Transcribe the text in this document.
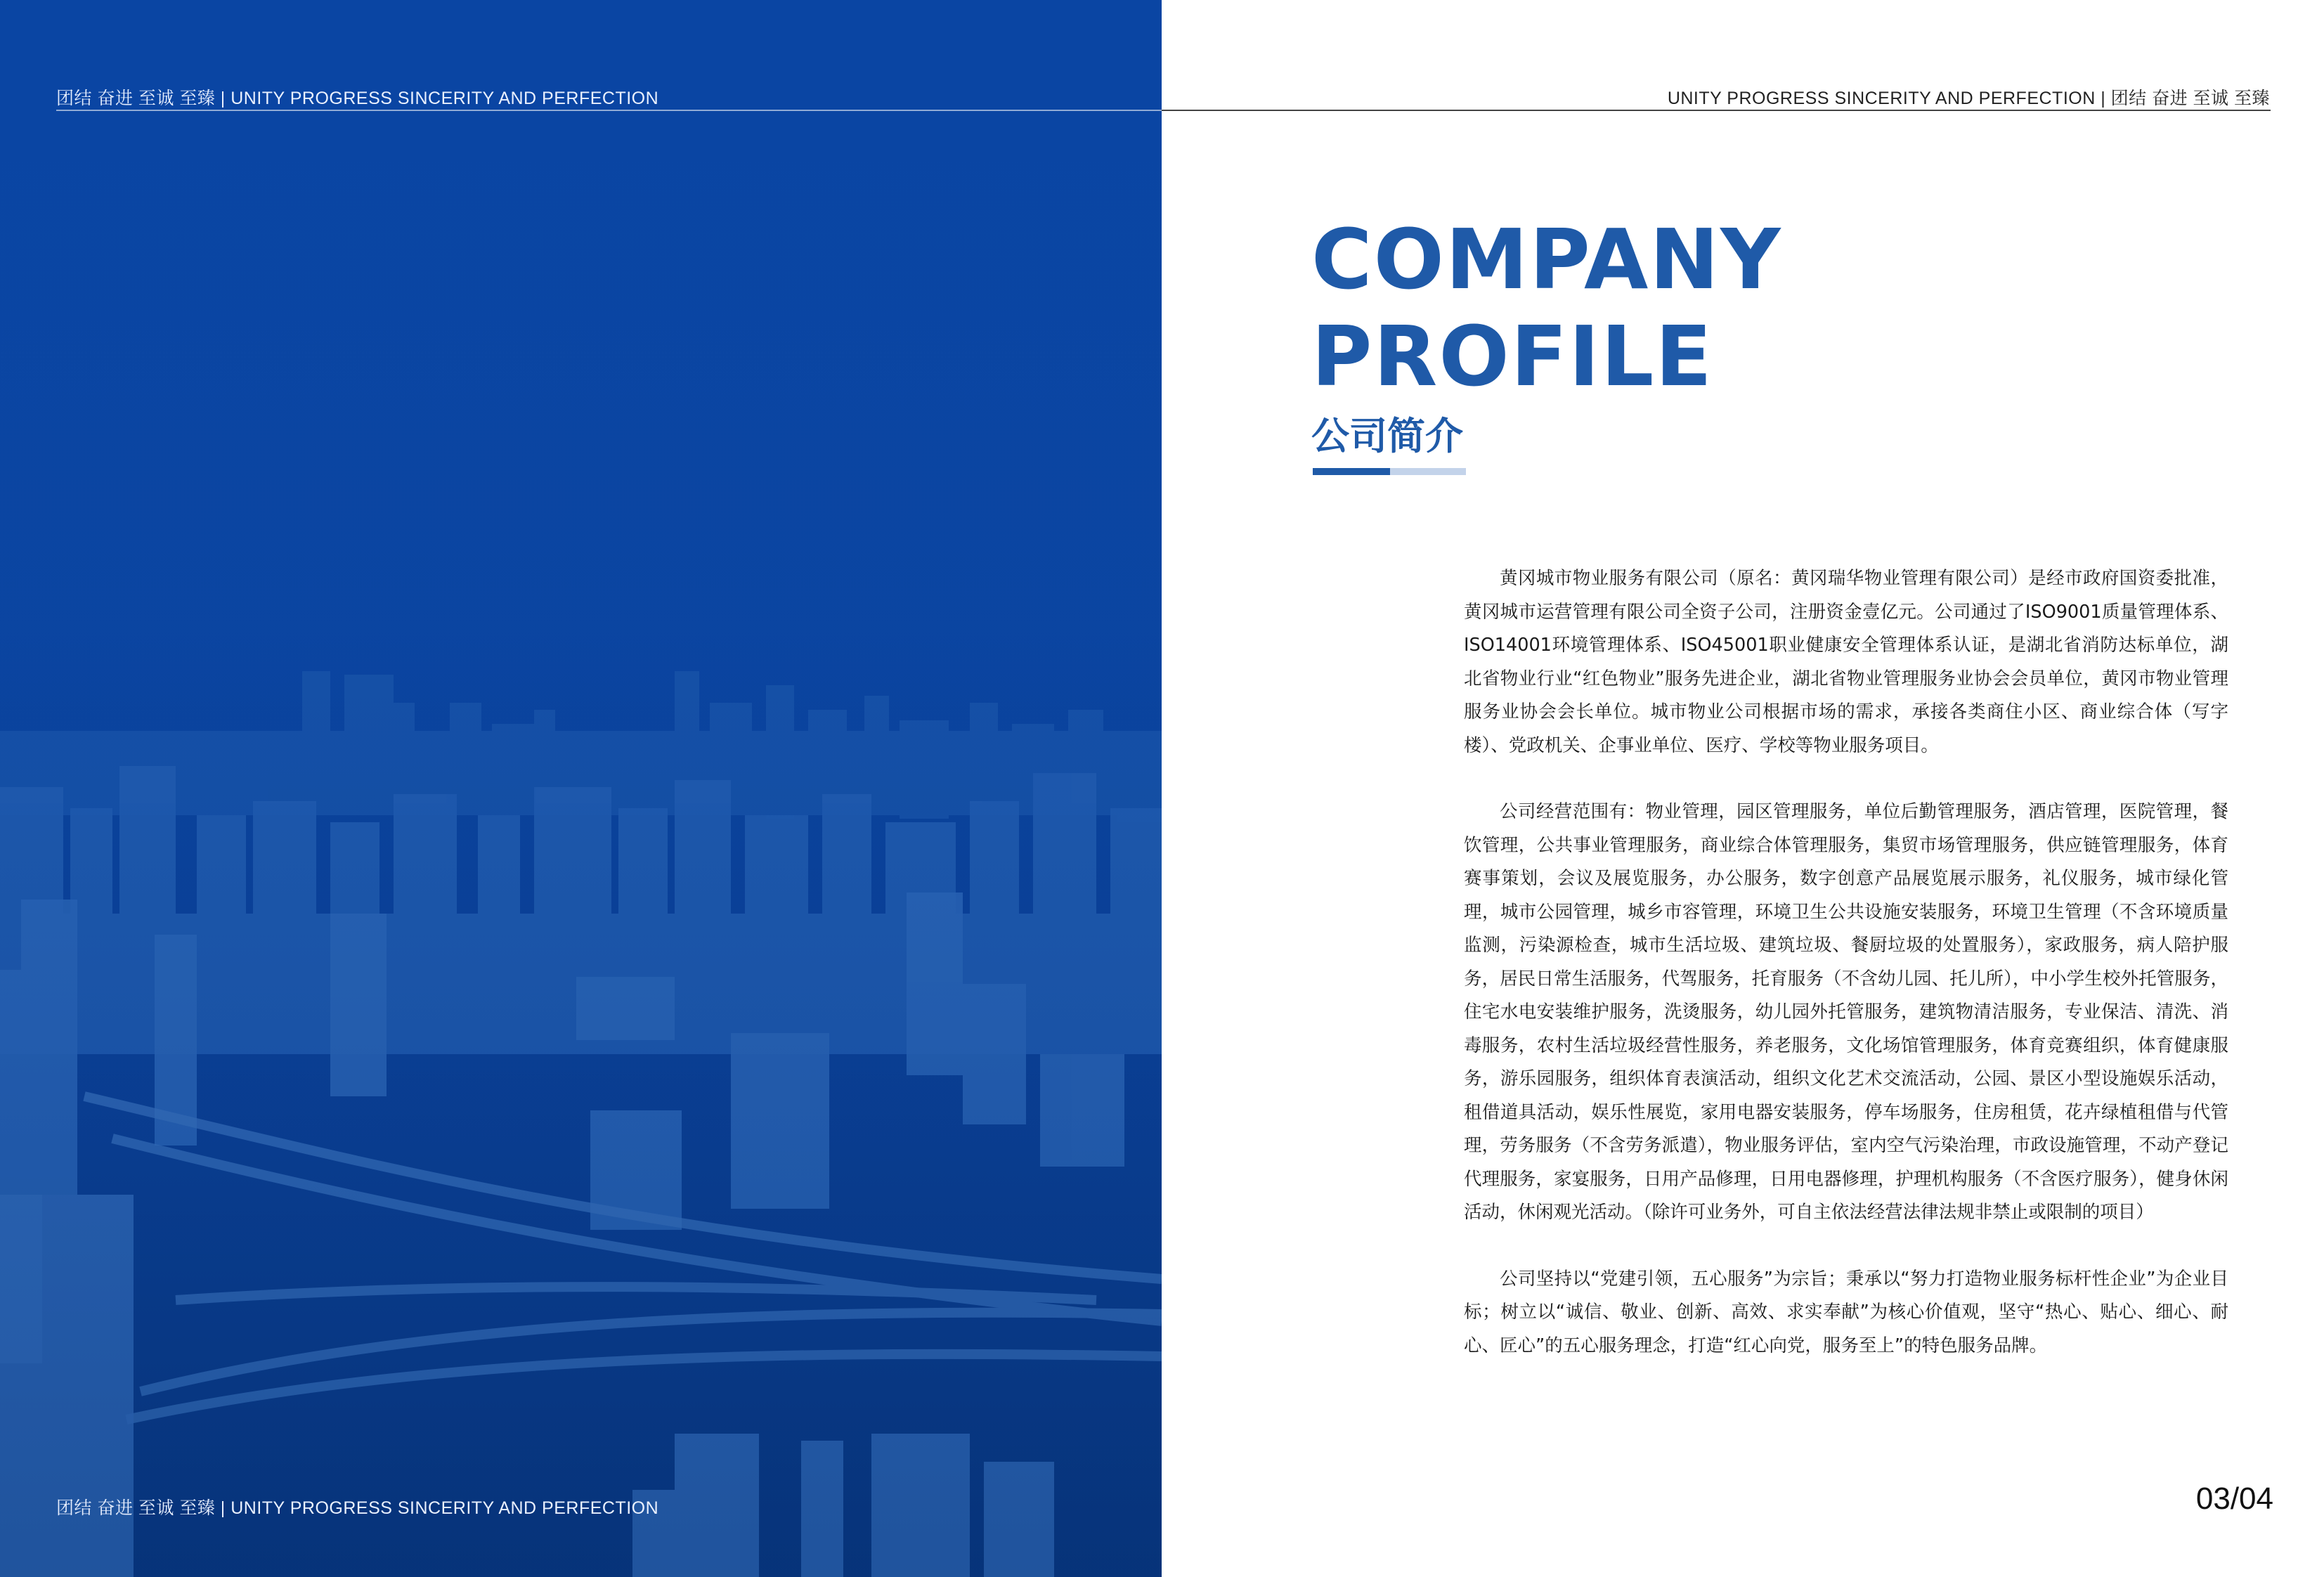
团结 奋进 至诚 至臻 | UNITY PROGRESS SINCERITY AND PERFECTION
团结 奋进 至诚 至臻 | UNITY PROGRESS SINCERITY AND PERFECTION
UNITY PROGRESS SINCERITY AND PERFECTION | 团结 奋进 至诚 至臻
COMPANY
PROFILE
公司简介

黄冈城市物业服务有限公司（原名：黄冈瑞华物业管理有限公司）是经市政府国资委批准，黄冈城市运营管理有限公司全资子公司，注册资金壹亿元。公司通过了ISO9001质量管理体系、ISO14001环境管理体系、ISO45001职业健康安全管理体系认证，是湖北省消防达标单位，湖北省物业行业“红色物业”服务先进企业，湖北省物业管理服务业协会会员单位，黄冈市物业管理服务业协会会长单位。城市物业公司根据市场的需求，承接各类商住小区、商业综合体（写字楼）、党政机关、企事业单位、医疗、学校等物业服务项目。

公司经营范围有：物业管理，园区管理服务，单位后勤管理服务，酒店管理，医院管理，餐饮管理，公共事业管理服务，商业综合体管理服务，集贸市场管理服务，供应链管理服务，体育赛事策划，会议及展览服务，办公服务，数字创意产品展览展示服务，礼仪服务，城市绿化管理，城市公园管理，城乡市容管理，环境卫生公共设施安装服务，环境卫生管理（不含环境质量监测，污染源检查，城市生活垃圾、建筑垃圾、餐厨垃圾的处置服务），家政服务，病人陪护服务，居民日常生活服务，代驾服务，托育服务（不含幼儿园、托儿所），中小学生校外托管服务，住宅水电安装维护服务，洗烫服务，幼儿园外托管服务，建筑物清洁服务，专业保洁、清洗、消毒服务，农村生活垃圾经营性服务，养老服务，文化场馆管理服务，体育竞赛组织，体育健康服务，游乐园服务，组织体育表演活动，组织文化艺术交流活动，公园、景区小型设施娱乐活动，租借道具活动，娱乐性展览，家用电器安装服务，停车场服务，住房租赁，花卉绿植租借与代管理，劳务服务（不含劳务派遣），物业服务评估，室内空气污染治理，市政设施管理，不动产登记代理服务，家宴服务，日用产品修理，日用电器修理，护理机构服务（不含医疗服务），健身休闲活动，休闲观光活动。（除许可业务外，可自主依法经营法律法规非禁止或限制的项目）

公司坚持以“党建引领，五心服务”为宗旨；秉承以“努力打造物业服务标杆性企业”为企业目标；树立以“诚信、敬业、创新、高效、求实奉献”为核心价值观，坚守“热心、贴心、细心、耐心、匠心”的五心服务理念，打造“红心向党，服务至上”的特色服务品牌。

03/04
